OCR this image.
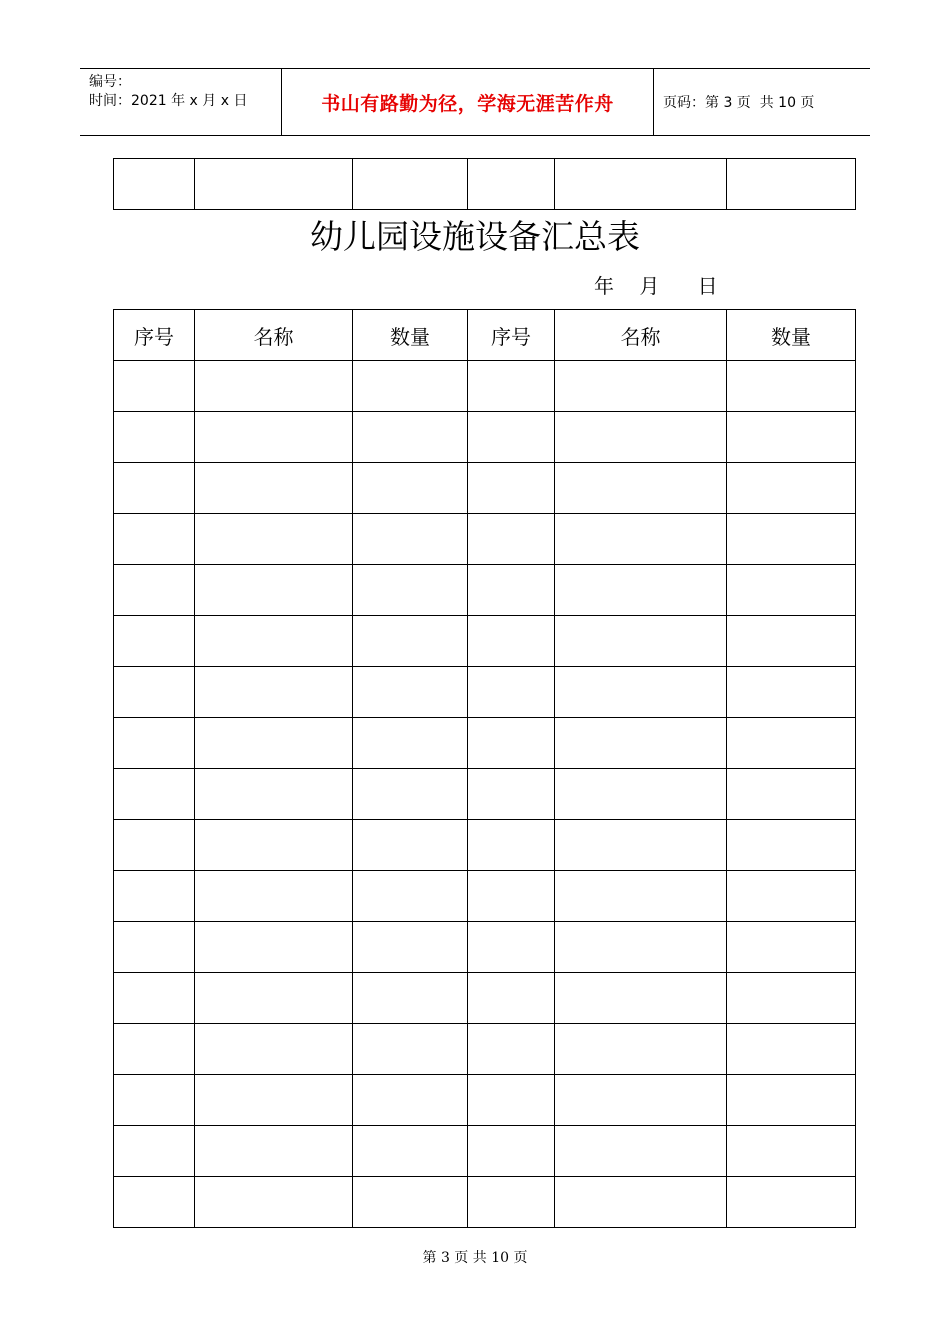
编号：
时间：2021 年 x 月 x 日	书山有路勤为径，学海无涯苦作舟	页码：第 3 页  共 10 页

幼儿园设施设备汇总表
年    月      日
序号	名称	数量	序号	名称	数量

第 3 页 共 10 页
